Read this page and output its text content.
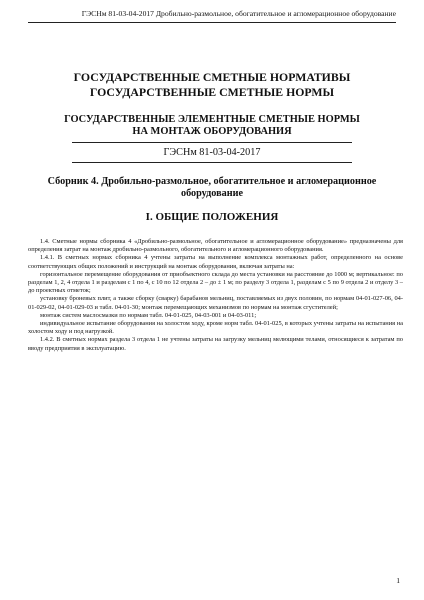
ГЭСНм 81-03-04-2017 Дробильно-размольное, обогатительное и агломерационное оборудование
ГОСУДАРСТВЕННЫЕ СМЕТНЫЕ НОРМАТИВЫ
ГОСУДАРСТВЕННЫЕ СМЕТНЫЕ НОРМЫ
ГОСУДАРСТВЕННЫЕ ЭЛЕМЕНТНЫЕ СМЕТНЫЕ НОРМЫ
НА МОНТАЖ ОБОРУДОВАНИЯ
ГЭСНм 81-03-04-2017
Сборник 4. Дробильно-размольное, обогатительное и агломерационное
оборудование
I. ОБЩИЕ ПОЛОЖЕНИЯ

1.4. Сметные нормы сборника 4 «Дробильно-размольное, обогатительное и агломерационное оборудование» предназначены для определения затрат на монтаж дробильно-размольного, обогатительного и агломерационного оборудования.

1.4.1. В сметных нормах сборника 4 учтены затраты на выполнение комплекса монтажных работ, определенного на основе соответствующих общих положений и инструкций на монтаж оборудования, включая затраты на:

горизонтальное перемещение оборудования от приобъектного склада до места установки на расстояние до 1000 м; вертикальное: по разделам 1, 2, 4 отдела 1 и разделам с 1 по 4, с 10 по 12 отдела 2 – до ± 1 м; по разделу 3 отдела 1, разделам с 5 по 9 отдела 2 и отделу 3 – до проектных отметок;

установку броневых плит, а также сборку (сварку) барабанов мельниц, поставляемых из двух половин, по нормам 04-01-027-06, 04-01-029-02, 04-01-029-03 и табл. 04-01-30; монтаж перемещающих механизмов по нормам на монтаж сгустителей;

монтаж систем маслосмазки по нормам табл. 04-01-025, 04-03-001 и 04-03-011;

индивидуальное испытание оборудования на холостом ходу, кроме норм табл. 04-01-025, в которых учтены затраты на испытания на холостом ходу и под нагрузкой.

1.4.2. В сметных нормах раздела 3 отдела 1 не учтены затраты на загрузку мельниц мелющими телами, относящиеся к затратам по вводу предприятия в эксплуатацию.

1
